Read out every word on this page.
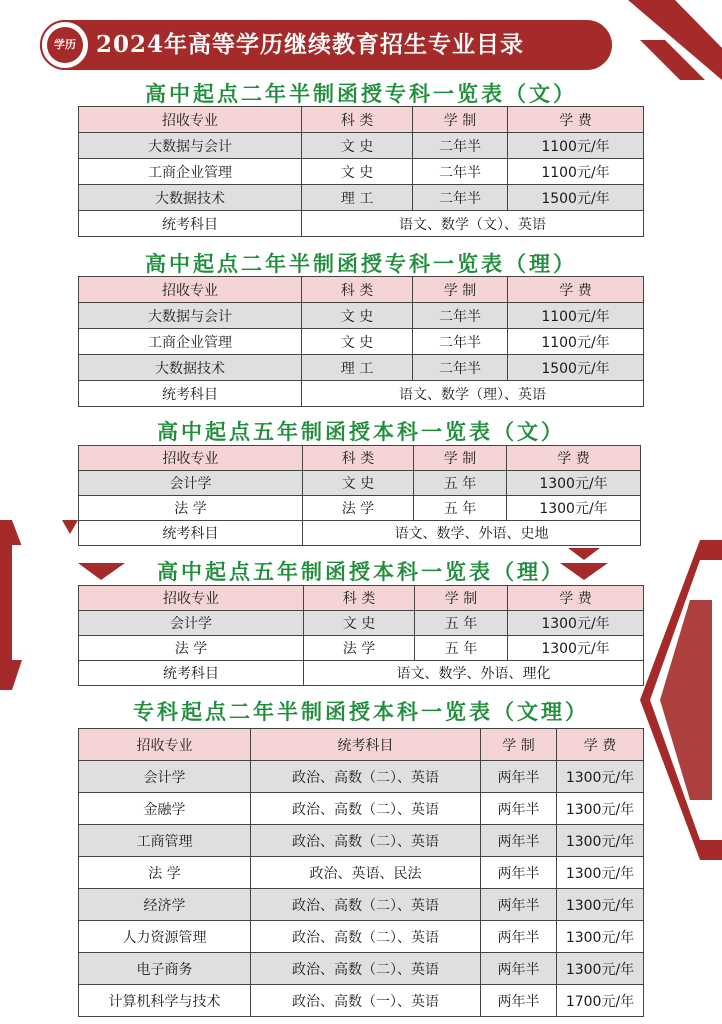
学历 2024年高等学历继续教育招生专业目录
高中起点二年半制函授专科一览表（文）
招收专业	科 类	学 制	学 费
大数据与会计	文 史	二年半	1100元/年
工商企业管理	文 史	二年半	1100元/年
大数据技术	理 工	二年半	1500元/年
统考科目	语文、数学（文）、英语		
高中起点二年半制函授专科一览表（理）
招收专业	科 类	学 制	学 费
大数据与会计	文 史	二年半	1100元/年
工商企业管理	文 史	二年半	1100元/年
大数据技术	理 工	二年半	1500元/年
统考科目	语文、数学（理）、英语		
高中起点五年制函授本科一览表（文）
招收专业	科 类	学 制	学 费
会计学	文 史	五 年	1300元/年
法 学	法 学	五 年	1300元/年
统考科目	语文、数学、外语、史地		
高中起点五年制函授本科一览表（理）
招收专业	科 类	学 制	学 费
会计学	文 史	五 年	1300元/年
法 学	法 学	五 年	1300元/年
统考科目	语文、数学、外语、理化		
专科起点二年半制函授本科一览表（文理）
招收专业	统考科目	学 制	学 费
会计学	政治、高数（二）、英语	两年半	1300元/年
金融学	政治、高数（二）、英语	两年半	1300元/年
工商管理	政治、高数（二）、英语	两年半	1300元/年
法 学	政治、英语、民法	两年半	1300元/年
经济学	政治、高数（二）、英语	两年半	1300元/年
人力资源管理	政治、高数（二）、英语	两年半	1300元/年
电子商务	政治、高数（二）、英语	两年半	1300元/年
计算机科学与技术	政治、高数（一）、英语	两年半	1700元/年
